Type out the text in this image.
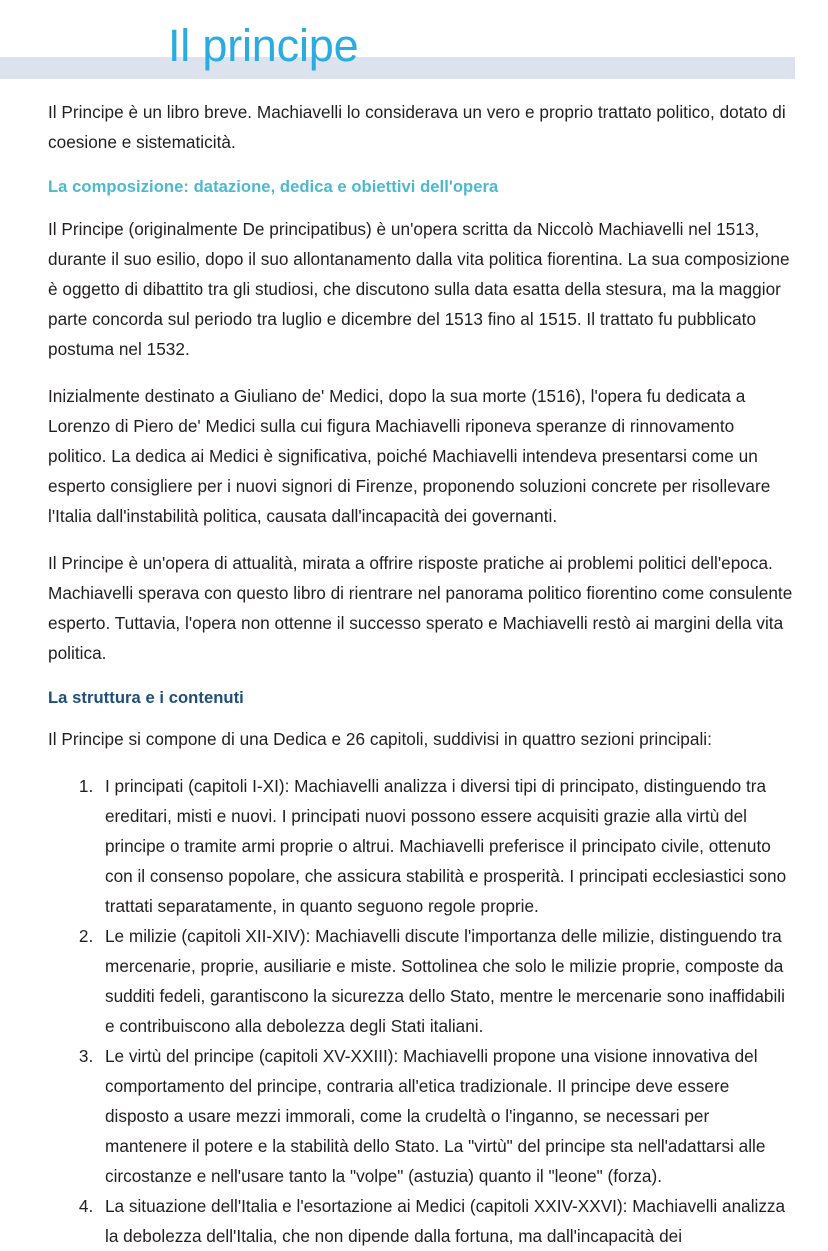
Il principe

Il Principe è un libro breve. Machiavelli lo considerava un vero e proprio trattato politico, dotato di coesione e sistematicità.

La composizione: datazione, dedica e obiettivi dell'opera

Il Principe (originalmente De principatibus) è un'opera scritta da Niccolò Machiavelli nel 1513, durante il suo esilio, dopo il suo allontanamento dalla vita politica fiorentina. La sua composizione è oggetto di dibattito tra gli studiosi, che discutono sulla data esatta della stesura, ma la maggior parte concorda sul periodo tra luglio e dicembre del 1513 fino al 1515. Il trattato fu pubblicato postuma nel 1532.

Inizialmente destinato a Giuliano de' Medici, dopo la sua morte (1516), l'opera fu dedicata a Lorenzo di Piero de' Medici sulla cui figura Machiavelli riponeva speranze di rinnovamento politico. La dedica ai Medici è significativa, poiché Machiavelli intendeva presentarsi come un esperto consigliere per i nuovi signori di Firenze, proponendo soluzioni concrete per risollevare l'Italia dall'instabilità politica, causata dall'incapacità dei governanti.

Il Principe è un'opera di attualità, mirata a offrire risposte pratiche ai problemi politici dell'epoca. Machiavelli sperava con questo libro di rientrare nel panorama politico fiorentino come consulente esperto. Tuttavia, l'opera non ottenne il successo sperato e Machiavelli restò ai margini della vita politica.

La struttura e i contenuti

Il Principe si compone di una Dedica e 26 capitoli, suddivisi in quattro sezioni principali:

1. I principati (capitoli I-XI): Machiavelli analizza i diversi tipi di principato, distinguendo tra ereditari, misti e nuovi. I principati nuovi possono essere acquisiti grazie alla virtù del principe o tramite armi proprie o altrui. Machiavelli preferisce il principato civile, ottenuto con il consenso popolare, che assicura stabilità e prosperità. I principati ecclesiastici sono trattati separatamente, in quanto seguono regole proprie.
2. Le milizie (capitoli XII-XIV): Machiavelli discute l'importanza delle milizie, distinguendo tra mercenarie, proprie, ausiliarie e miste. Sottolinea che solo le milizie proprie, composte da sudditi fedeli, garantiscono la sicurezza dello Stato, mentre le mercenarie sono inaffidabili e contribuiscono alla debolezza degli Stati italiani.
3. Le virtù del principe (capitoli XV-XXIII): Machiavelli propone una visione innovativa del comportamento del principe, contraria all'etica tradizionale. Il principe deve essere disposto a usare mezzi immorali, come la crudeltà o l'inganno, se necessari per mantenere il potere e la stabilità dello Stato. La "virtù" del principe sta nell'adattarsi alle circostanze e nell'usare tanto la "volpe" (astuzia) quanto il "leone" (forza).
4. La situazione dell'Italia e l'esortazione ai Medici (capitoli XXIV-XXVI): Machiavelli analizza la debolezza dell'Italia, che non dipende dalla fortuna, ma dall'incapacità dei
